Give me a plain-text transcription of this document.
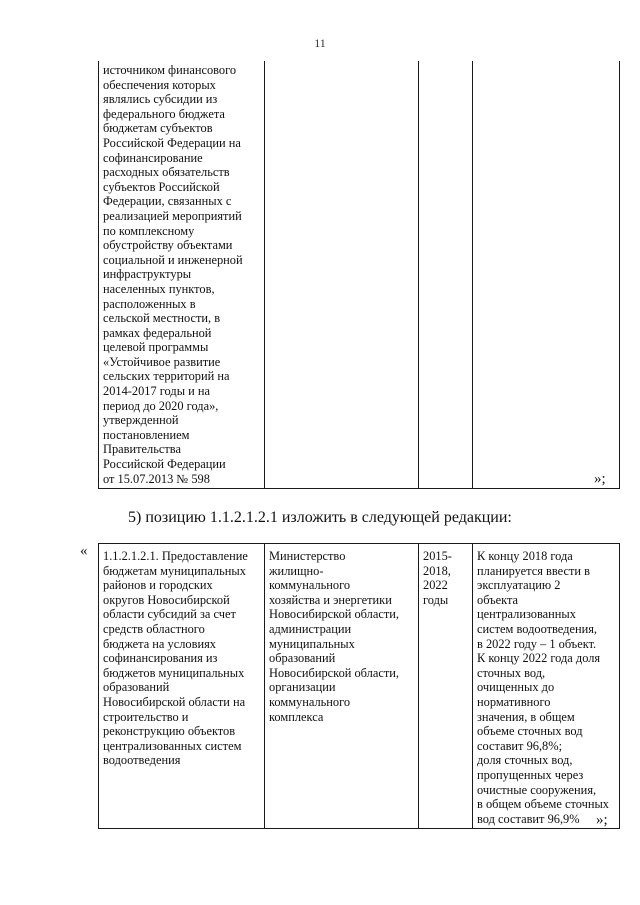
11
источником финансового
обеспечения которых
являлись субсидии из
федерального бюджета
бюджетам субъектов
Российской Федерации на
софинансирование
расходных обязательств
субъектов Российской
Федерации, связанных с
реализацией мероприятий
по комплексному
обустройству объектами
социальной и инженерной
инфраструктуры
населенных пунктов,
расположенных в
сельской местности, в
рамках федеральной
целевой программы
«Устойчивое развитие
сельских территорий на
2014-2017 годы и на
период до 2020 года»,
утвержденной
постановлением
Правительства
Российской Федерации
от 15.07.2013 № 598				»;
5) позицию 1.1.2.1.2.1 изложить в следующей редакции:
« 1.1.2.1.2.1. Предоставление
бюджетам муниципальных
районов и городских
округов Новосибирской
области субсидий за счет
средств областного
бюджета на условиях
софинансирования из
бюджетов муниципальных
образований
Новосибирской области на
строительство и
реконструкцию объектов
централизованных систем
водоотведения	Министерство
жилищно-
коммунального
хозяйства и энергетики
Новосибирской области,
администрации
муниципальных
образований
Новосибирской области,
организации
коммунального
комплекса	2015-
2018,
2022
годы	К концу 2018 года
планируется ввести в
эксплуатацию 2
объекта
централизованных
систем водоотведения,
в 2022 году – 1 объект.
К концу 2022 года доля
сточных вод,
очищенных до
нормативного
значения, в общем
объеме сточных вод
составит 96,8%;
доля сточных вод,
пропущенных через
очистные сооружения,
в общем объеме сточных
вод составит 96,9% »;
